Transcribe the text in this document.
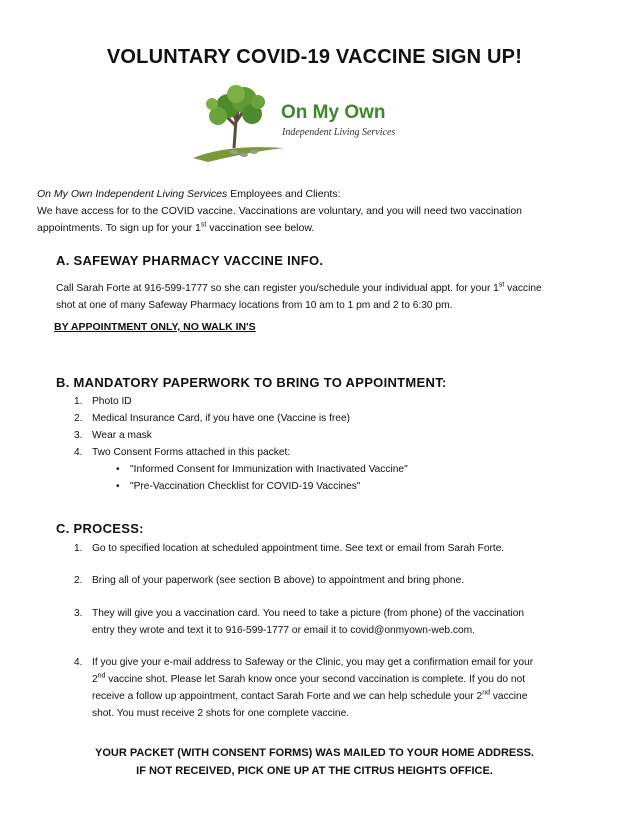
VOLUNTARY COVID-19 VACCINE SIGN UP!
On My Own
Independent Living Services

On My Own Independent Living Services Employees and Clients:

We have access for to the COVID vaccine. Vaccinations are voluntary, and you will need two vaccination

appointments. To sign up for your 1st vaccination see below.

A. SAFEWAY PHARMACY VACCINE INFO.
Call Sarah Forte at 916-599-1777 so she can register you/schedule your individual appt. for your 1st vaccine
shot at one of many Safeway Pharmacy locations from 10 am to 1 pm and 2 to 6:30 pm.
BY APPOINTMENT ONLY, NO WALK IN'S
B. MANDATORY PAPERWORK TO BRING TO APPOINTMENT:
1. Photo ID
2. Medical Insurance Card, if you have one (Vaccine is free)
3. Wear a mask
4. Two Consent Forms attached in this packet:
• "Informed Consent for Immunization with Inactivated Vaccine"
• "Pre-Vaccination Checklist for COVID-19 Vaccines"
C. PROCESS:
1. Go to specified location at scheduled appointment time. See text or email from Sarah Forte.
2. Bring all of your paperwork (see section B above) to appointment and bring phone.
3. They will give you a vaccination card. You need to take a picture (from phone) of the vaccination
entry they wrote and text it to 916-599-1777 or email it to covid@onmyown-web.com.
4. If you give your e-mail address to Safeway or the Clinic, you may get a confirmation email for your
2nd vaccine shot. Please let Sarah know once your second vaccination is complete. If you do not
receive a follow up appointment, contact Sarah Forte and we can help schedule your 2nd vaccine
shot. You must receive 2 shots for one complete vaccine.

YOUR PACKET (WITH CONSENT FORMS) WAS MAILED TO YOUR HOME ADDRESS.

IF NOT RECEIVED, PICK ONE UP AT THE CITRUS HEIGHTS OFFICE.
